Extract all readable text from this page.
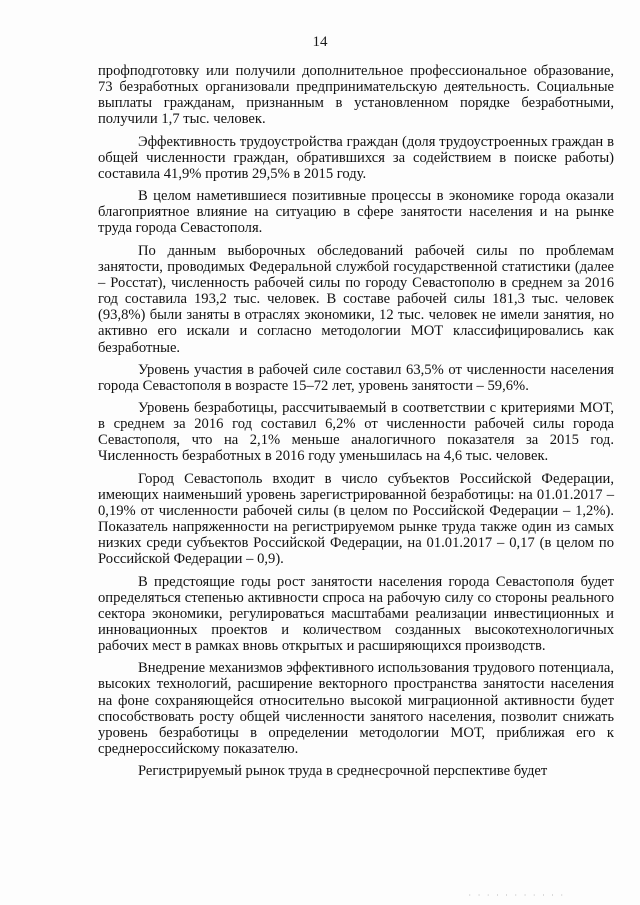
14

профподготовку или получили дополнительное профессиональное образование, 73 безработных организовали предпринимательскую деятельность. Социальные выплаты гражданам, признанным в установленном порядке безработными, получили 1,7 тыс. человек.

Эффективность трудоустройства граждан (доля трудоустроенных граждан в общей численности граждан, обратившихся за содействием в поиске работы) составила 41,9% против 29,5% в 2015 году.

В целом наметившиеся позитивные процессы в экономике города оказали благоприятное влияние на ситуацию в сфере занятости населения и на рынке труда города Севастополя.

По данным выборочных обследований рабочей силы по проблемам занятости, проводимых Федеральной службой государственной статистики (далее – Росстат), численность рабочей силы по городу Севастополю в среднем за 2016 год составила 193,2 тыс. человек. В составе рабочей силы 181,3 тыс. человек (93,8%) были заняты в отраслях экономики, 12 тыс. человек не имели занятия, но активно его искали и согласно методологии МОТ классифицировались как безработные.

Уровень участия в рабочей силе составил 63,5% от численности населения города Севастополя в возрасте 15–72 лет, уровень занятости – 59,6%.

Уровень безработицы, рассчитываемый в соответствии с критериями МОТ, в среднем за 2016 год составил 6,2% от численности рабочей силы города Севастополя, что на 2,1% меньше аналогичного показателя за 2015 год. Численность безработных в 2016 году уменьшилась на 4,6 тыс. человек.

Город Севастополь входит в число субъектов Российской Федерации, имеющих наименьший уровень зарегистрированной безработицы: на 01.01.2017 – 0,19% от численности рабочей силы (в целом по Российской Федерации – 1,2%). Показатель напряженности на регистрируемом рынке труда также один из самых низких среди субъектов Российской Федерации, на 01.01.2017 – 0,17 (в целом по Российской Федерации – 0,9).

В предстоящие годы рост занятости населения города Севастополя будет определяться степенью активности спроса на рабочую силу со стороны реального сектора экономики, регулироваться масштабами реализации инвестиционных и инновационных проектов и количеством созданных высокотехнологичных рабочих мест в рамках вновь открытых и расширяющихся производств.

Внедрение механизмов эффективного использования трудового потенциала, высоких технологий, расширение векторного пространства занятости населения на фоне сохраняющейся относительно высокой миграционной активности будет способствовать росту общей численности занятого населения, позволит снижать уровень безработицы в определении методологии МОТ, приближая его к среднероссийскому показателю.

Регистрируемый рынок труда в среднесрочной перспективе будет

· · · · · · · · · · ·
